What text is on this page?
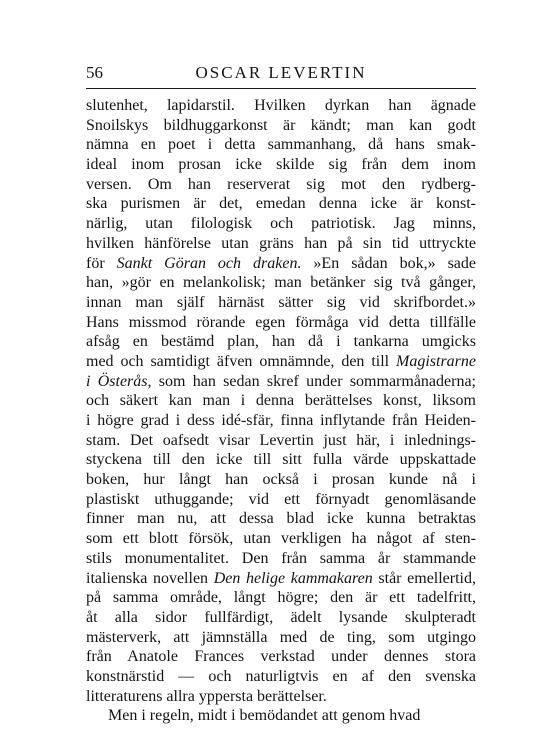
56	OSCAR LEVERTIN
slutenhet, lapidarstil. Hvilken dyrkan han ägnade
Snoilskys bildhuggarkonst är kändt; man kan godt
nämna en poet i detta sammanhang, då hans smak-
ideal inom prosan icke skilde sig från dem inom
versen. Om han reserverat sig mot den rydberg-
ska purismen är det, emedan denna icke är konst-
närlig, utan filologisk och patriotisk. Jag minns,
hvilken hänförelse utan gräns han på sin tid uttryckte
för Sankt Göran och draken. »En sådan bok,» sade
han, »gör en melankolisk; man betänker sig två gånger,
innan man själf härnäst sätter sig vid skrifbordet.»
Hans missmod rörande egen förmåga vid detta tillfälle
afsåg en bestämd plan, han då i tankarna umgicks
med och samtidigt äfven omnämnde, den till Magistrarne
i Österås, som han sedan skref under sommarmånaderna;
och säkert kan man i denna berättelses konst, liksom
i högre grad i dess idé-sfär, finna inflytande från Heiden-
stam. Det oafsedt visar Levertin just här, i inlednings-
styckena till den icke till sitt fulla värde uppskattade
boken, hur långt han också i prosan kunde nå i
plastiskt uthuggande; vid ett förnyadt genomläsande
finner man nu, att dessa blad icke kunna betraktas
som ett blott försök, utan verkligen ha något af sten-
stils monumentalitet. Den från samma år stammande
italienska novellen Den helige kammakaren står emellertid,
på samma område, långt högre; den är ett tadelfritt,
åt alla sidor fullfärdigt, ädelt lysande skulpteradt
mästerverk, att jämnställa med de ting, som utgingo
från Anatole Frances verkstad under dennes stora
konstnärstid — och naturligtvis en af den svenska
litteraturens allra yppersta berättelser.
Men i regeln, midt i bemödandet att genom hvad
